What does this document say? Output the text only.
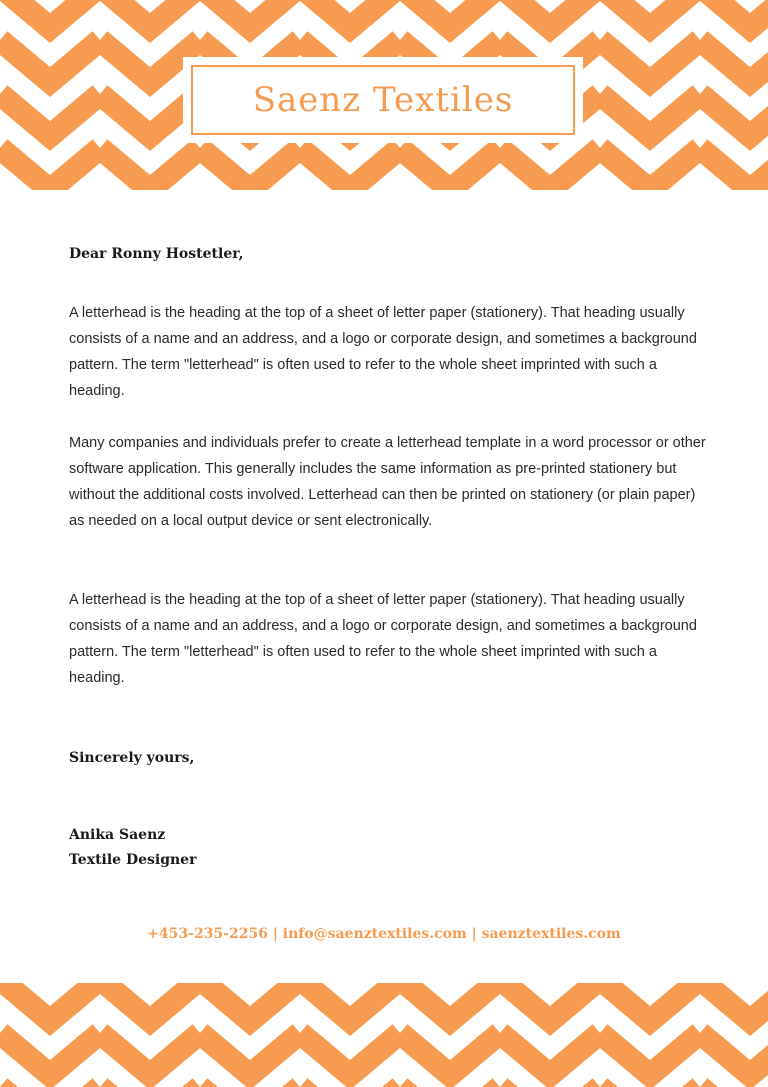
Saenz Textiles
Dear Ronny Hostetler,

A letterhead is the heading at the top of a sheet of letter paper (stationery). That heading usually consists of a name and an address, and a logo or corporate design, and sometimes a background pattern. The term "letterhead" is often used to refer to the whole sheet imprinted with such a heading.

Many companies and individuals prefer to create a letterhead template in a word processor or other software application. This generally includes the same information as pre-printed stationery but without the additional costs involved. Letterhead can then be printed on stationery (or plain paper) as needed on a local output device or sent electronically.

A letterhead is the heading at the top of a sheet of letter paper (stationery). That heading usually consists of a name and an address, and a logo or corporate design, and sometimes a background pattern. The term "letterhead" is often used to refer to the whole sheet imprinted with such a heading.

Sincerely yours,
Anika Saenz
Textile Designer
+453-235-2256 | info@saenztextiles.com | saenztextiles.com
